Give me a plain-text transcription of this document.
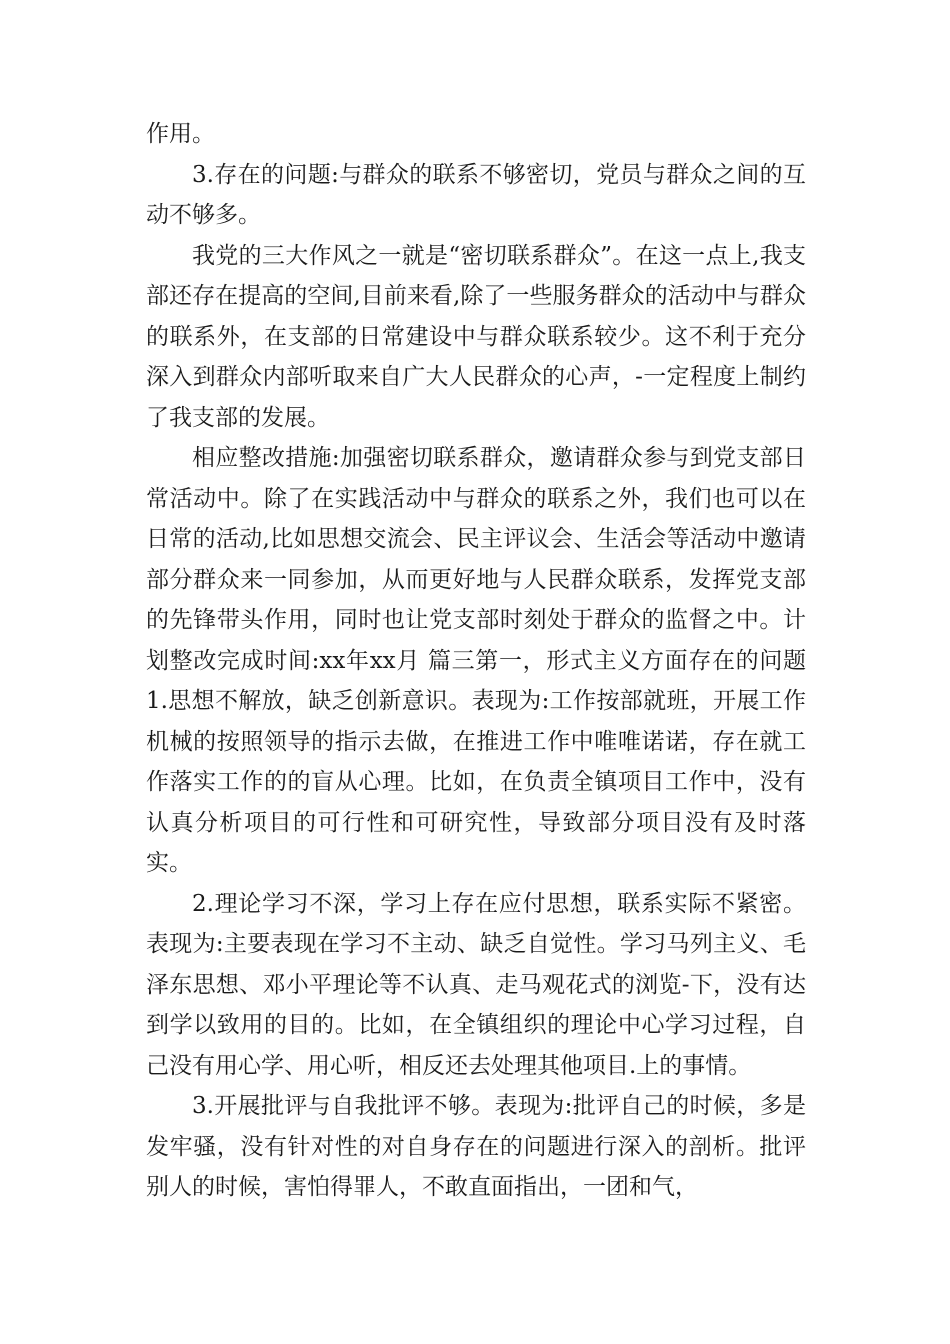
作用。

3.存在的问题:与群众的联系不够密切，党员与群众之间的互动不够多。

我党的三大作风之一就是“密切联系群众”。在这一点上,我支部还存在提高的空间,目前来看,除了一些服务群众的活动中与群众的联系外，在支部的日常建设中与群众联系较少。这不利于充分深入到群众内部听取来自广大人民群众的心声，-一定程度上制约了我支部的发展。

相应整改措施:加强密切联系群众，邀请群众参与到党支部日常活动中。除了在实践活动中与群众的联系之外，我们也可以在日常的活动,比如思想交流会、民主评议会、生活会等活动中邀请部分群众来一同参加，从而更好地与人民群众联系，发挥党支部的先锋带头作用，同时也让党支部时刻处于群众的监督之中。计划整改完成时间:xx年xx月 篇三第一，形式主义方面存在的问题 1.思想不解放，缺乏创新意识。表现为:工作按部就班，开展工作机械的按照领导的指示去做，在推进工作中唯唯诺诺，存在就工作落实工作的的盲从心理。比如，在负责全镇项目工作中，没有认真分析项目的可行性和可研究性，导致部分项目没有及时落实。

2.理论学习不深，学习上存在应付思想，联系实际不紧密。表现为:主要表现在学习不主动、缺乏自觉性。学习马列主义、毛泽东思想、邓小平理论等不认真、走马观花式的浏览-下，没有达到学以致用的目的。比如，在全镇组织的理论中心学习过程，自己没有用心学、用心听，相反还去处理其他项目.上的事情。

3.开展批评与自我批评不够。表现为:批评自己的时候，多是发牢骚，没有针对性的对自身存在的问题进行深入的剖析。批评别人的时候，害怕得罪人，不敢直面指出，一团和气，
